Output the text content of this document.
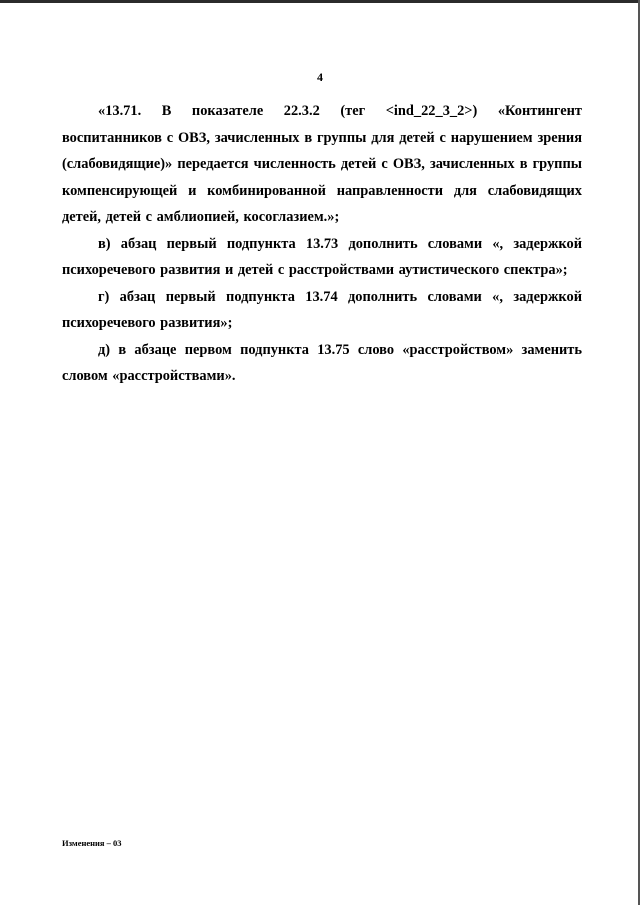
4

«13.71. В показателе 22.3.2 (тег <ind_22_3_2>) «Контингент воспитанников с ОВЗ, зачисленных в группы для детей с нарушением зрения (слабовидящие)» передается численность детей с ОВЗ, зачисленных в группы компенсирующей и комбинированной направленности для слабовидящих детей, детей с амблиопией, косоглазием.»;

в) абзац первый подпункта 13.73 дополнить словами «, задержкой психоречевого развития и детей с расстройствами аутистического спектра»;

г) абзац первый подпункта 13.74 дополнить словами «, задержкой психоречевого развития»;

д) в абзаце первом подпункта 13.75 слово «расстройством» заменить словом «расстройствами».

Изменения – 03
